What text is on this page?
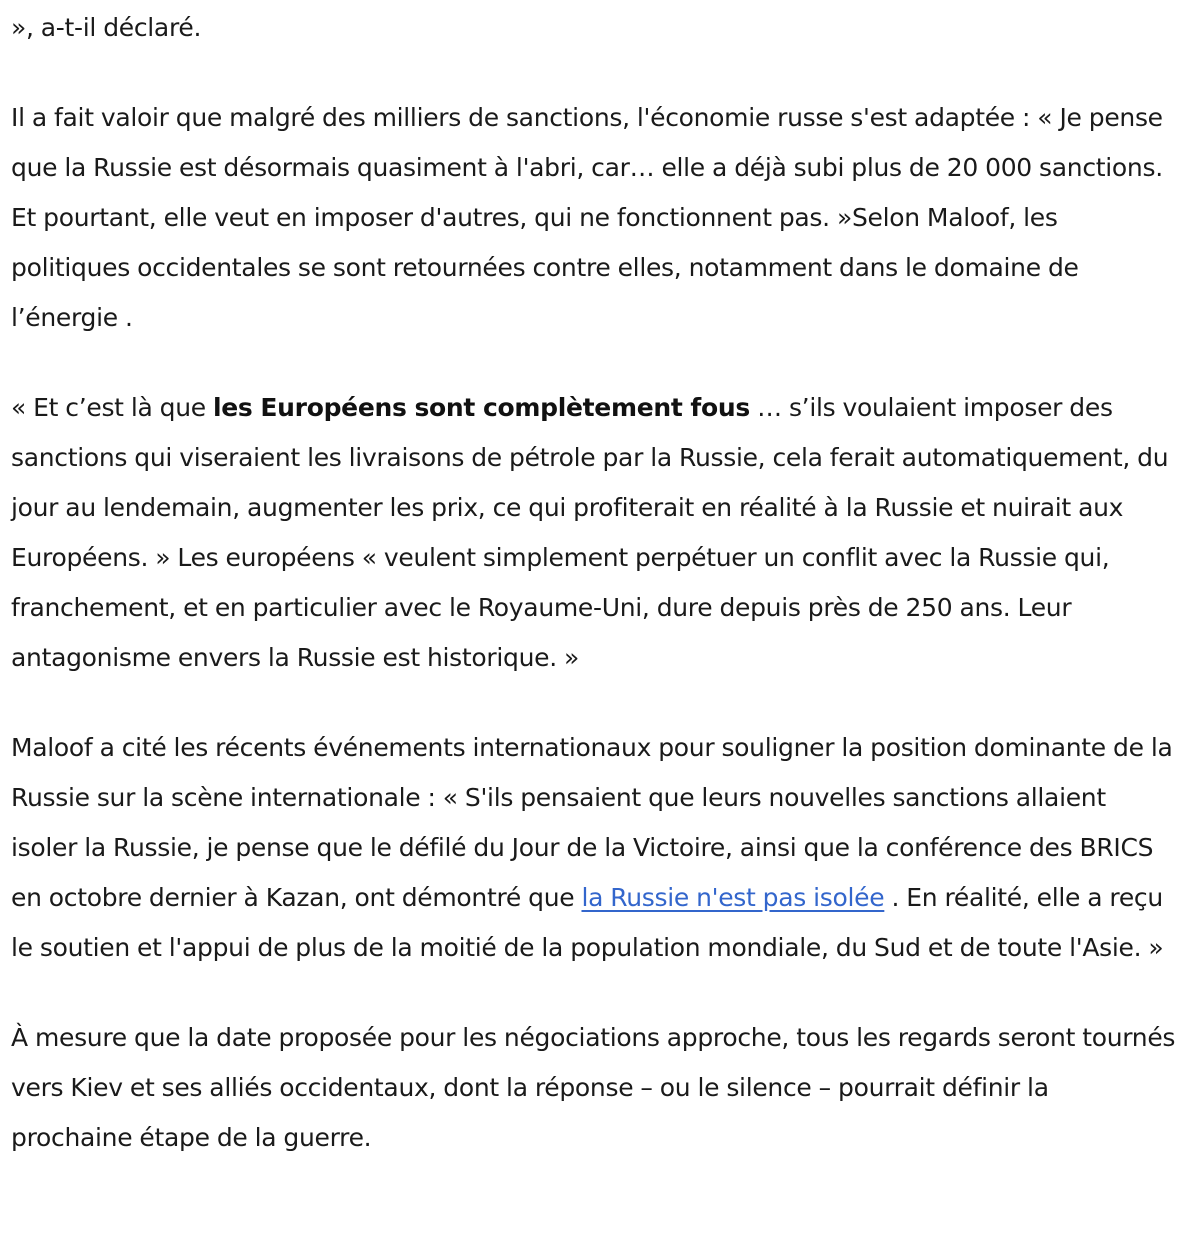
», a-t-il déclaré.

Il a fait valoir que malgré des milliers de sanctions, l'économie russe s'est adaptée : « Je pense que la Russie est désormais quasiment à l'abri, car… elle a déjà subi plus de 20 000 sanctions. Et pourtant, elle veut en imposer d'autres, qui ne fonctionnent pas. »Selon Maloof, les politiques occidentales se sont retournées contre elles, notamment dans le domaine de l’énergie .

« Et c’est là que les Européens sont complètement fous … s’ils voulaient imposer des sanctions qui viseraient les livraisons de pétrole par la Russie, cela ferait automatiquement, du jour au lendemain, augmenter les prix, ce qui profiterait en réalité à la Russie et nuirait aux Européens. » Les européens « veulent simplement perpétuer un conflit avec la Russie qui, franchement, et en particulier avec le Royaume-Uni, dure depuis près de 250 ans. Leur antagonisme envers la Russie est historique. »

Maloof a cité les récents événements internationaux pour souligner la position dominante de la Russie sur la scène internationale : « S'ils pensaient que leurs nouvelles sanctions allaient isoler la Russie, je pense que le défilé du Jour de la Victoire, ainsi que la conférence des BRICS en octobre dernier à Kazan, ont démontré que la Russie n'est pas isolée . En réalité, elle a reçu le soutien et l'appui de plus de la moitié de la population mondiale, du Sud et de toute l'Asie. »

À mesure que la date proposée pour les négociations approche, tous les regards seront tournés vers Kiev et ses alliés occidentaux, dont la réponse – ou le silence – pourrait définir la prochaine étape de la guerre.
